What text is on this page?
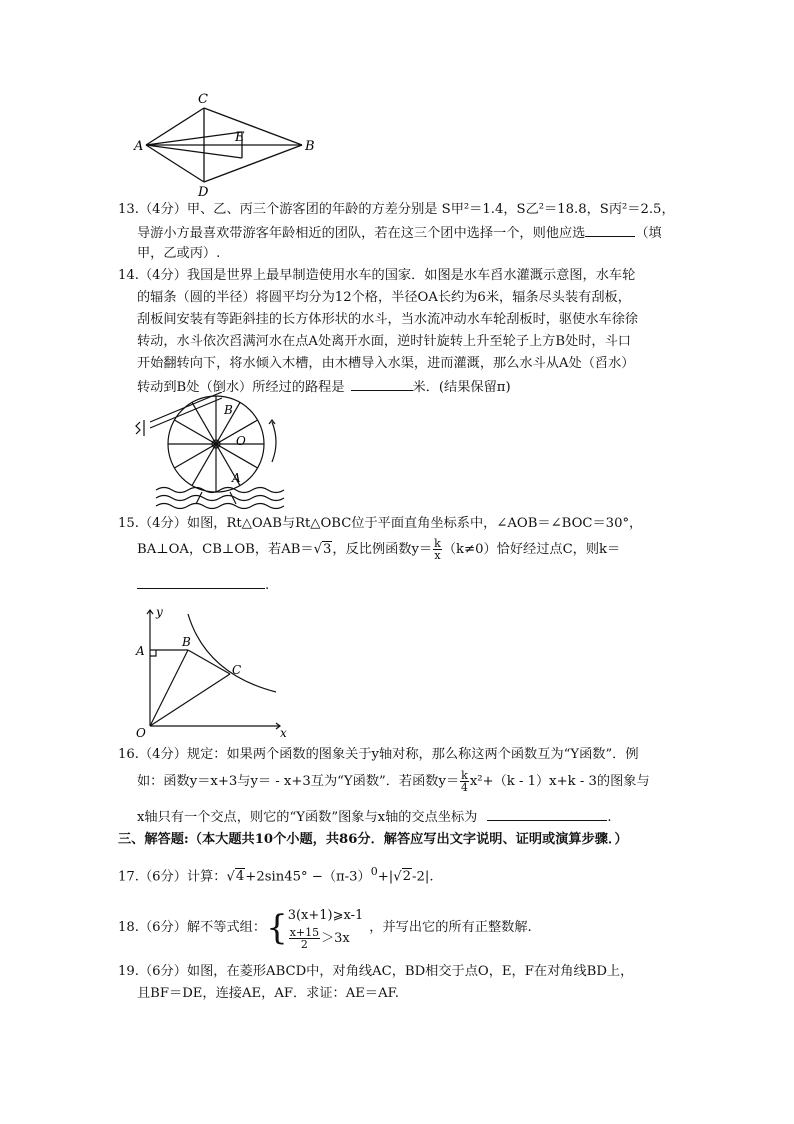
C
A
E
B
D
13.（4分）甲、乙、丙三个游客团的年龄的方差分别是 S甲²＝1.4，S乙²＝18.8，S丙²＝2.5，
导游小方最喜欢带游客年龄相近的团队，若在这三个团中选择一个，则他应选	（填
甲，乙或丙）.
14.（4分）我国是世界上最早制造使用水车的国家．如图是水车舀水灌溉示意图，水车轮
的辐条（圆的半径）将圆平均分为12个格，半径OA长约为6米，辐条尽头装有刮板，
刮板间安装有等距斜挂的长方体形状的水斗，当水流冲动水车轮刮板时，驱使水车徐徐
转动，水斗依次舀满河水在点A处离开水面，逆时针旋转上升至轮子上方B处时，斗口
开始翻转向下，将水倾入木槽，由木槽导入水渠，进而灌溉，那么水斗从A处（舀水）
转动到B处（倒水）所经过的路程是	米．(结果保留π)
B
O
A
15.（4分）如图，Rt△OAB与Rt△OBC位于平面直角坐标系中，∠AOB＝∠BOC＝30°，
BA⊥OA，CB⊥OB，若AB＝√3，反比例函数$y= \frac{k}{x} (k\ne 0)$恰好经过点C，则k＝
.
y
A
B
C
O	x
16.（4分）规定：如果两个函数的图象关于y轴对称，那么称这两个函数互为“Y函数”．例
如：函数y＝x+3与y＝ - x+3互为“Y函数”．若函数$y= \frac{k}{4} x^2+(k - 1)x+k - 3$的图象与
x轴只有一个交点，则它的“Y函数”图象与x轴的交点坐标为	.
三、解答题:（本大题共10个小题，共86分．解答应写出文字说明、证明或演算步骤．）
17.（6分）计算：$√4+2\sin 45^\circ -(\pi-3)^0+|√2-2|$.
18.（6分）解不等式组：{ 3(x+1)⩾x-1
$\frac{x+15}{2} >3x$
，并写出它的所有正整数解.
19.（6分）如图，在菱形ABCD中，对角线AC，BD相交于点O，E，F在对角线BD上，
且BF＝DE，连接AE，AF．求证：AE＝AF.
